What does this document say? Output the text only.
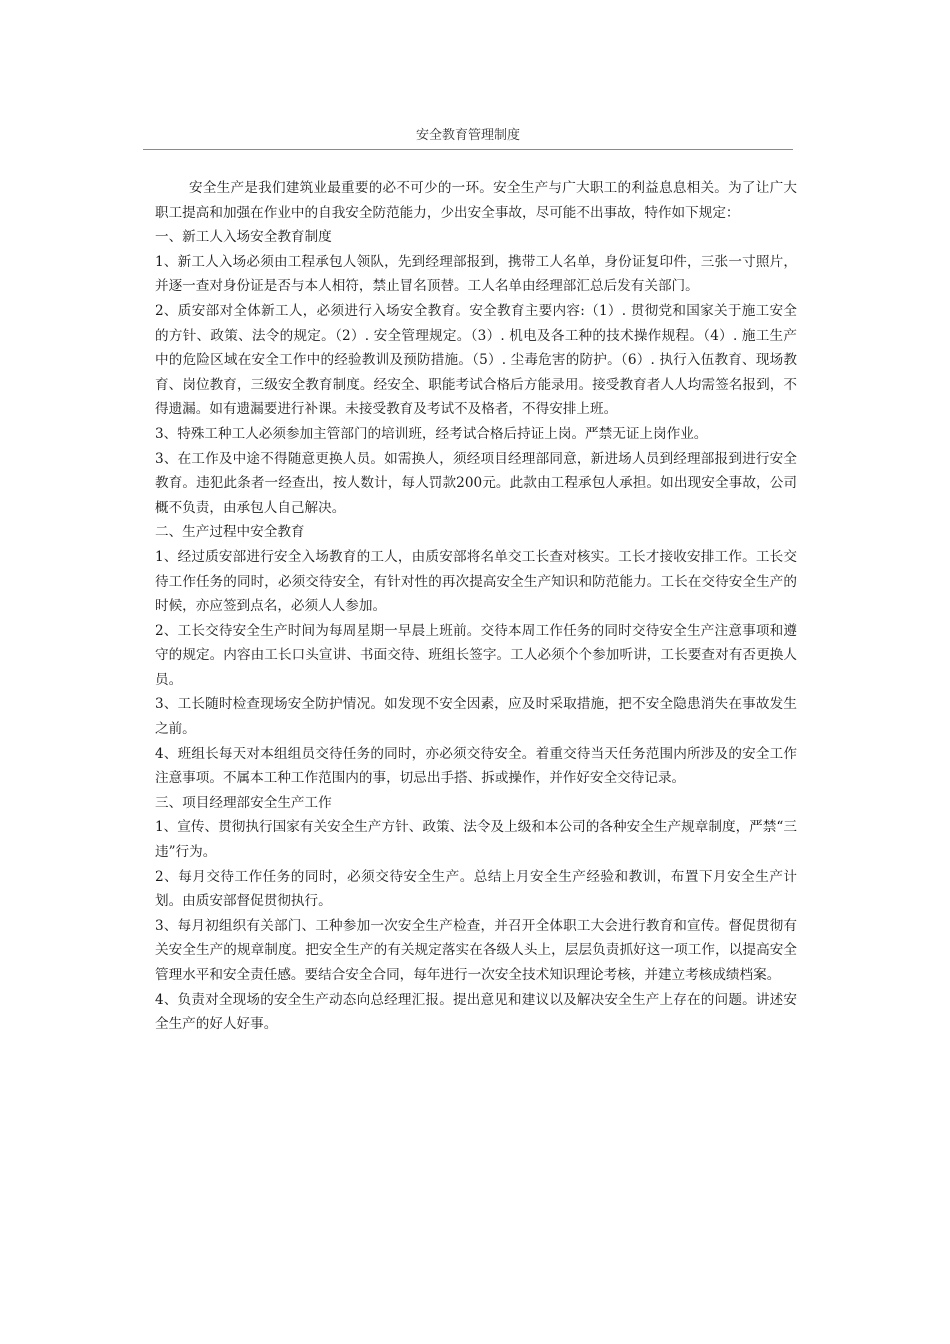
安全教育管理制度

安全生产是我们建筑业最重要的必不可少的一环。安全生产与广大职工的利益息息相关。为了让广大职工提高和加强在作业中的自我安全防范能力，少出安全事故，尽可能不出事故，特作如下规定：

一、新工人入场安全教育制度

1、新工人入场必须由工程承包人领队，先到经理部报到，携带工人名单，身份证复印件，三张一寸照片，并逐一查对身份证是否与本人相符，禁止冒名顶替。工人名单由经理部汇总后发有关部门。

2、质安部对全体新工人，必须进行入场安全教育。安全教育主要内容:（1）. 贯彻党和国家关于施工安全的方针、政策、法令的规定。（2）. 安全管理规定。（3）. 机电及各工种的技术操作规程。（4）. 施工生产中的危险区域在安全工作中的经验教训及预防措施。（5）. 尘毒危害的防护。（6）. 执行入伍教育、现场教育、岗位教育，三级安全教育制度。经安全、职能考试合格后方能录用。接受教育者人人均需签名报到，不得遗漏。如有遗漏要进行补课。未接受教育及考试不及格者，不得安排上班。

3、特殊工种工人必须参加主管部门的培训班，经考试合格后持证上岗。严禁无证上岗作业。

3、在工作及中途不得随意更换人员。如需换人，须经项目经理部同意，新进场人员到经理部报到进行安全教育。违犯此条者一经查出，按人数计，每人罚款200元。此款由工程承包人承担。如出现安全事故，公司概不负责，由承包人自己解决。

二、生产过程中安全教育

1、经过质安部进行安全入场教育的工人，由质安部将名单交工长查对核实。工长才接收安排工作。工长交待工作任务的同时，必须交待安全，有针对性的再次提高安全生产知识和防范能力。工长在交待安全生产的时候，亦应签到点名，必须人人参加。

2、工长交待安全生产时间为每周星期一早晨上班前。交待本周工作任务的同时交待安全生产注意事项和遵守的规定。内容由工长口头宣讲、书面交待、班组长签字。工人必须个个参加听讲，工长要查对有否更换人员。

3、工长随时检查现场安全防护情况。如发现不安全因素，应及时采取措施，把不安全隐患消失在事故发生之前。

4、班组长每天对本组组员交待任务的同时，亦必须交待安全。着重交待当天任务范围内所涉及的安全工作注意事项。不属本工种工作范围内的事，切忌出手搭、拆或操作，并作好安全交待记录。

三、项目经理部安全生产工作

1、宣传、贯彻执行国家有关安全生产方针、政策、法令及上级和本公司的各种安全生产规章制度，严禁“三违”行为。

2、每月交待工作任务的同时，必须交待安全生产。总结上月安全生产经验和教训，布置下月安全生产计划。由质安部督促贯彻执行。

3、每月初组织有关部门、工种参加一次安全生产检查，并召开全体职工大会进行教育和宣传。督促贯彻有关安全生产的规章制度。把安全生产的有关规定落实在各级人头上，层层负责抓好这一项工作，以提高安全管理水平和安全责任感。要结合安全合同，每年进行一次安全技术知识理论考核，并建立考核成绩档案。

4、负责对全现场的安全生产动态向总经理汇报。提出意见和建议以及解决安全生产上存在的问题。讲述安全生产的好人好事。
